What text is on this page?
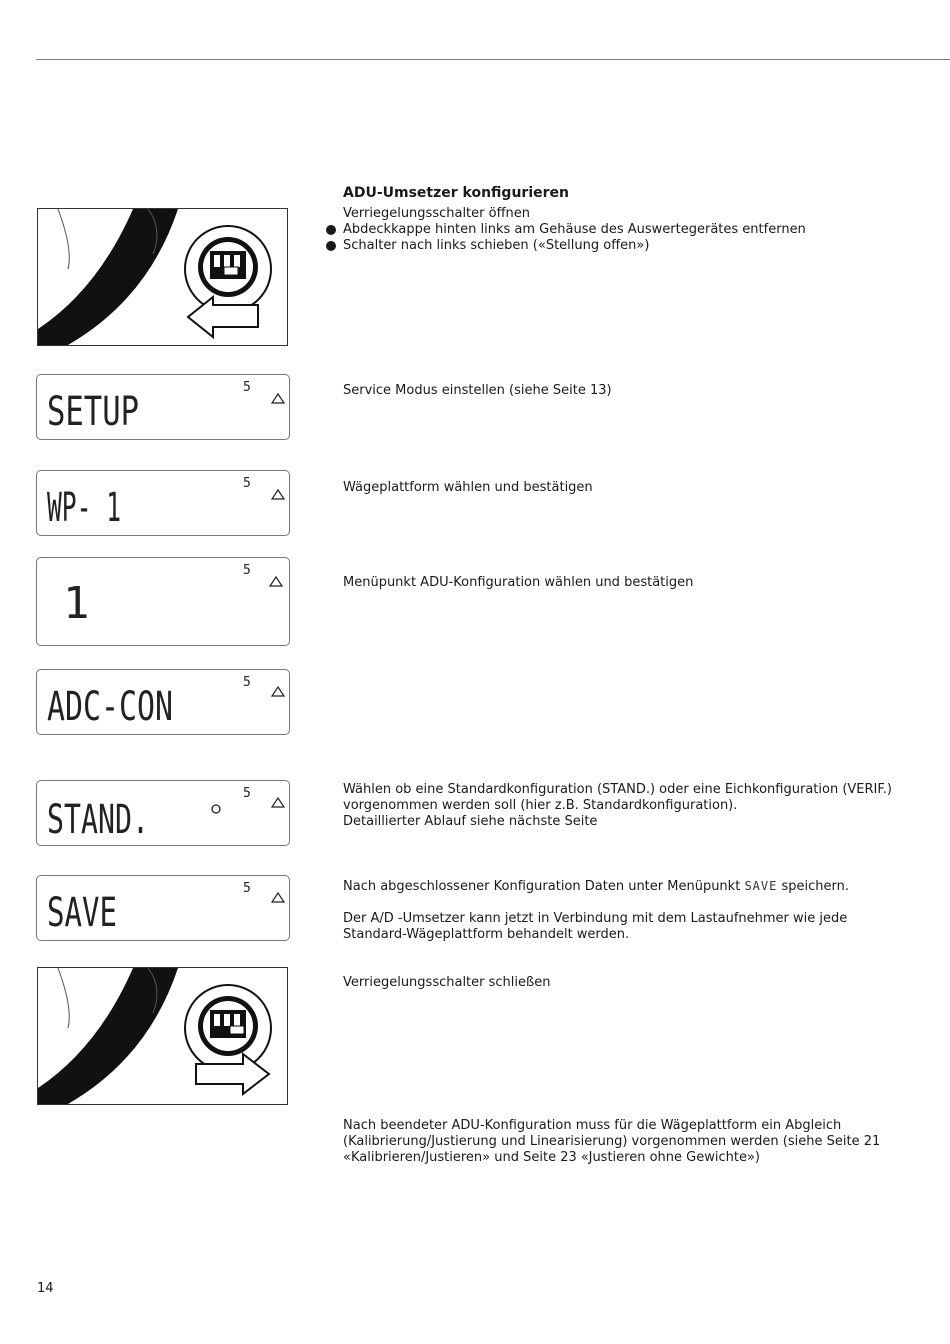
ADU-Umsetzer konfigurieren

Verriegelungsschalter öffnen

Abdeckkappe hinten links am Gehäuse des Auswertegerätes entfernen

Schalter nach links schieben («Stellung offen»)

SETUP
5	Service Modus einstellen (siehe Seite 13)
WP- 1
5	Wägeplattform wählen und bestätigen
1
5
Menüpunkt ADU-Konfiguration wählen und bestätigen
ADC-CON
5
STAND.
5	Wählen ob eine Standardkonfiguration (STAND.) oder eine Eichkonfiguration (VERIF.)

vorgenommen werden soll (hier z.B. Standardkonfiguration).

Detaillierter Ablauf siehe nächste Seite

SAVE
5	Nach abgeschlossener Konfiguration Daten unter Menüpunkt SAVE speichern.

Der A/D -Umsetzer kann jetzt in Verbindung mit dem Lastaufnehmer wie jede

Standard-Wägeplattform behandelt werden.

Verriegelungsschalter schließen

Nach beendeter ADU-Konfiguration muss für die Wägeplattform ein Abgleich

(Kalibrierung/Justierung und Linearisierung) vorgenommen werden (siehe Seite 21

«Kalibrieren/Justieren» und Seite 23 «Justieren ohne Gewichte»)

14
